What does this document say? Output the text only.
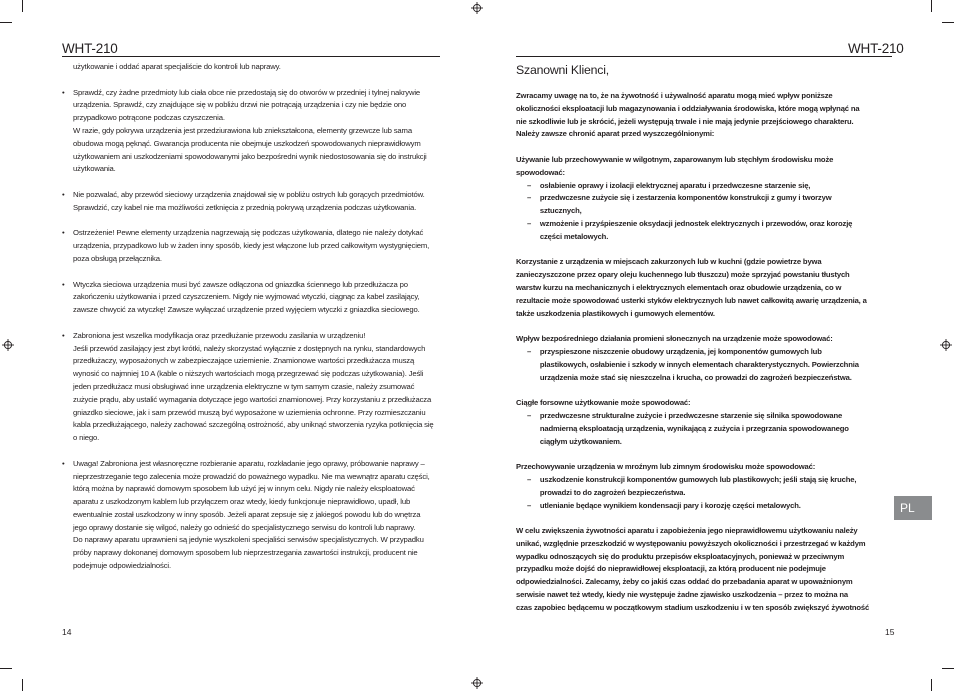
WHT-210

użytkowanie i oddać aparat specjaliście do kontroli lub naprawy.

• Sprawdź, czy żadne przedmioty lub ciała obce nie przedostają się do otworów w przedniej i tylnej nakrywie

urządzenia. Sprawdź, czy znajdujące się w pobliżu drzwi nie potrącają urządzenia i czy nie będzie ono

przypadkowo potrącone podczas czyszczenia.

W razie, gdy pokrywa urządzenia jest przedziurawiona lub zniekształcona, elementy grzewcze lub sama

obudowa mogą pęknąć. Gwarancja producenta nie obejmuje uszkodzeń spowodowanych nieprawidłowym

użytkowaniem ani uszkodzeniami spowodowanymi jako bezpośredni wynik niedostosowania się do instrukcji

użytkowania.

• Nie pozwalać, aby przewód sieciowy urządzenia znajdował się w pobliżu ostrych lub gorących przedmiotów.

Sprawdzić, czy kabel nie ma możliwości zetknięcia z przednią pokrywą urządzenia podczas użytkowania.

• Ostrzeżenie! Pewne elementy urządzenia nagrzewają się podczas użytkowania, dlatego nie należy dotykać

urządzenia, przypadkowo lub w żaden inny sposób, kiedy jest włączone lub przed całkowitym wystygnięciem,

poza obsługą przełącznika.

• Wtyczka sieciowa urządzenia musi być zawsze odłączona od gniazdka ściennego lub przedłużacza po

zakończeniu użytkowania i przed czyszczeniem. Nigdy nie wyjmować wtyczki, ciągnąc za kabel zasilający,

zawsze chwycić za wtyczkę! Zawsze wyłączać urządzenie przed wyjęciem wtyczki z gniazdka sieciowego.

• Zabroniona jest wszelka modyfikacja oraz przedłużanie przewodu zasilania w urządzeniu!

Jeśli przewód zasilający jest zbyt krótki, należy skorzystać wyłącznie z dostępnych na rynku, standardowych

przedłużaczy, wyposażonych w zabezpieczające uziemienie. Znamionowe wartości przedłużacza muszą

wynosić co najmniej 10 A (kable o niższych wartościach mogą przegrzewać się podczas użytkowania). Jeśli

jeden przedłużacz musi obsługiwać inne urządzenia elektryczne w tym samym czasie, należy zsumować

zużycie prądu, aby ustalić wymagania dotyczące jego wartości znamionowej. Przy korzystaniu z przedłużacza

gniazdko sieciowe, jak i sam przewód muszą być wyposażone w uziemienia ochronne. Przy rozmieszczaniu

kabla przedłużającego, należy zachować szczególną ostrożność, aby uniknąć stworzenia ryzyka potknięcia się

o niego.

• Uwaga! Zabroniona jest własnoręczne rozbieranie aparatu, rozkładanie jego oprawy, próbowanie naprawy –

nieprzestrzeganie tego zalecenia może prowadzić do poważnego wypadku. Nie ma wewnątrz aparatu części,

którą można by naprawić domowym sposobem lub użyć jej w innym celu. Nigdy nie należy eksploatować

aparatu z uszkodzonym kablem lub przyłączem oraz wtedy, kiedy funkcjonuje nieprawidłowo, upadł, lub

ewentualnie został uszkodzony w inny sposób. Jeżeli aparat zepsuje się z jakiegoś powodu lub do wnętrza

jego oprawy dostanie się wilgoć, należy go odnieść do specjalistycznego serwisu do kontroli lub naprawy.

Do naprawy aparatu uprawnieni są jedynie wyszkoleni specjaliści serwisów specjalistycznych. W przypadku

próby naprawy dokonanej domowym sposobem lub nieprzestrzegania zawartości instrukcji, producent nie

podejmuje odpowiedzialności.

14
WHT-210
Szanowni Klienci,

Zwracamy uwagę na to, że na żywotność i używalność aparatu mogą mieć wpływ poniższe

okoliczności eksploatacji lub magazynowania i oddziaływania środowiska, które mogą wpłynąć na

nie szkodliwie lub je skrócić, jeżeli występują trwale i nie mają jedynie przejściowego charakteru.

Należy zawsze chronić aparat przed wyszczególnionymi:

Używanie lub przechowywanie w wilgotnym, zaparowanym lub stęchłym środowisku może

spowodować:

– osłabienie oprawy i izolacji elektrycznej aparatu i przedwczesne starzenie się,

– przedwczesne zużycie się i zestarzenia komponentów konstrukcji z gumy i tworzyw

sztucznych,

– wzmożenie i przyśpieszenie oksydacji jednostek elektrycznych i przewodów, oraz korozję

części metalowych.

Korzystanie z urządzenia w miejscach zakurzonych lub w kuchni (gdzie powietrze bywa

zanieczyszczone przez opary oleju kuchennego lub tłuszczu) może sprzyjać powstaniu tłustych

warstw kurzu na mechanicznych i elektrycznych elementach oraz obudowie urządzenia, co w

rezultacie może spowodować usterki styków elektrycznych lub nawet całkowitą awarię urządzenia, a

także uszkodzenia plastikowych i gumowych elementów.

Wpływ bezpośredniego działania promieni słonecznych na urządzenie może spowodować:

– przyspieszone niszczenie obudowy urządzenia, jej komponentów gumowych lub

plastikowych, osłabienie i szkody w innych elementach charakterystycznych. Powierzchnia

urządzenia może stać się nieszczelna i krucha, co prowadzi do zagrożeń bezpieczeństwa.

Ciągłe forsowne użytkowanie może spowodować:

– przedwczesne strukturalne zużycie i przedwczesne starzenie się silnika spowodowane

nadmierną eksploatacją urządzenia, wynikającą z zużycia i przegrzania spowodowanego

ciągłym użytkowaniem.

Przechowywanie urządzenia w mroźnym lub zimnym środowisku może spowodować:

– uszkodzenie konstrukcji komponentów gumowych lub plastikowych; jeśli stają się kruche,

prowadzi to do zagrożeń bezpieczeństwa.

– utlenianie będące wynikiem kondensacji pary i korozję części metalowych.

W celu zwiększenia żywotności aparatu i zapobieżenia jego nieprawidłowemu użytkowaniu należy

unikać, względnie przeszkodzić w występowaniu powyższych okoliczności i przestrzegać w każdym

wypadku odnoszących się do produktu przepisów eksploatacyjnych, ponieważ w przeciwnym

przypadku może dojść do nieprawidłowej eksploatacji, za którą producent nie podejmuje

odpowiedzialności. Zalecamy, żeby co jakiś czas oddać do przebadania aparat w upoważnionym

serwisie nawet też wtedy, kiedy nie występuje żadne zjawisko uszkodzenia – przez to można na

czas zapobiec będącemu w początkowym stadium uszkodzeniu i w ten sposób zwiększyć żywotność

PL
15
